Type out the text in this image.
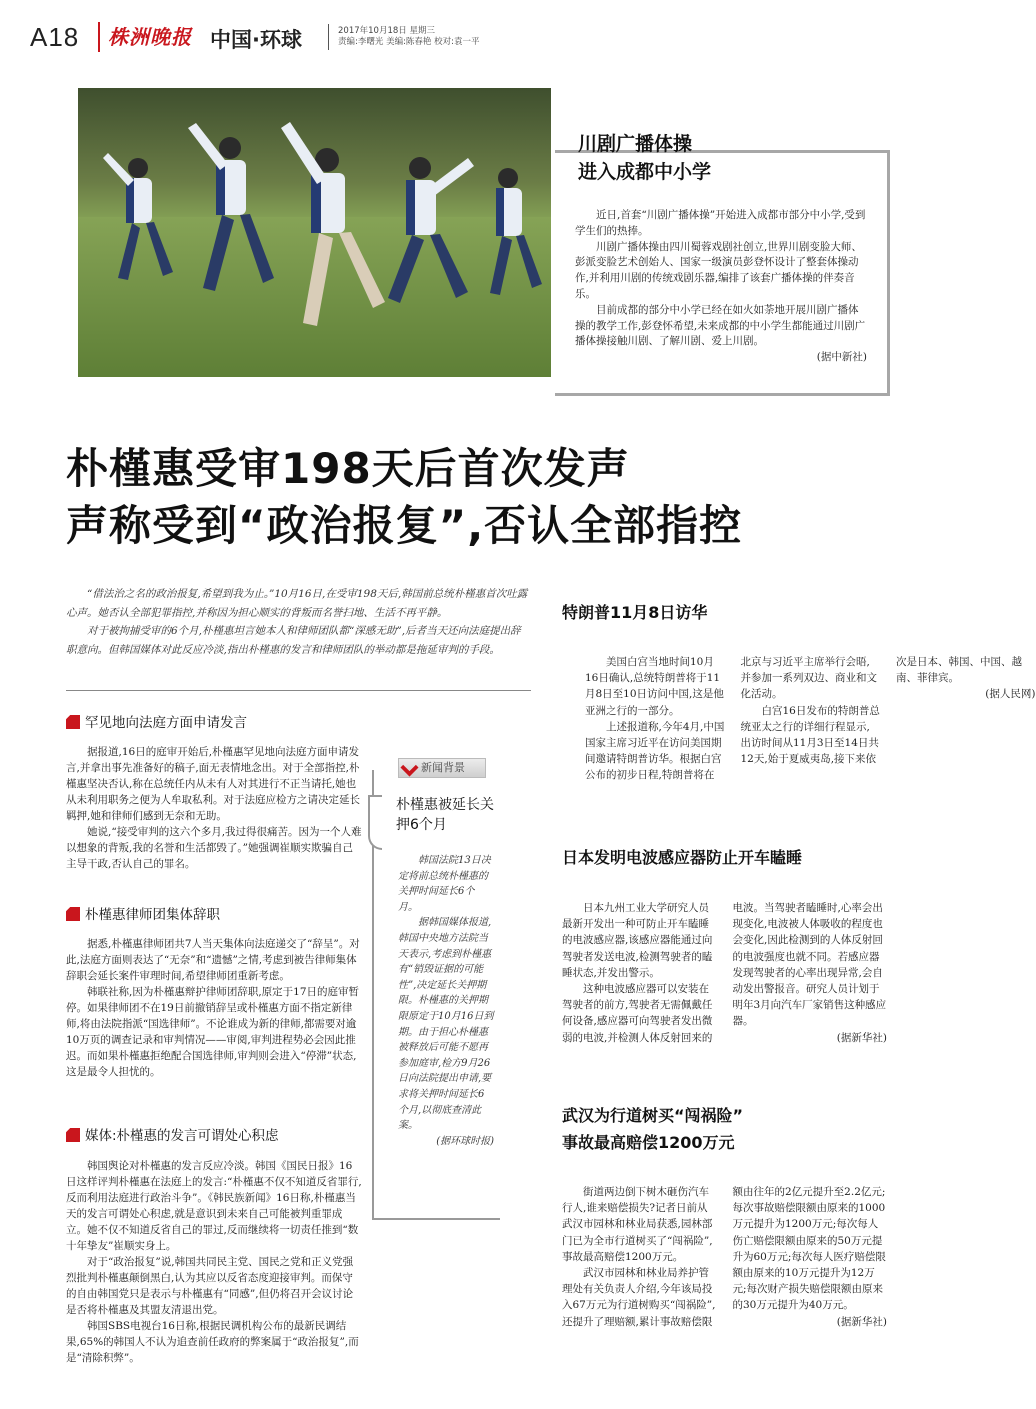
A18 株洲晚报 中国·环球	2017年10月18日 星期三
责编:李曙光 美编:陈春艳 校对:袁一平
川剧广播体操
进入成都中小学

近日,首套“川剧广播体操”开始进入成都市部分中小学,受到学生们的热捧。

川剧广播体操由四川蜀蓉戏剧社创立,世界川剧变脸大师、彭派变脸艺术创始人、国家一级演员彭登怀设计了整套体操动作,并利用川剧的传统戏剧乐器,编排了该套广播体操的伴奏音乐。

目前成都的部分中小学已经在如火如荼地开展川剧广播体操的教学工作,彭登怀希望,未来成都的中小学生都能通过川剧广播体操接触川剧、了解川剧、爱上川剧。

(据中新社)
朴槿惠受审198天后首次发声
声称受到“政治报复”,否认全部指控

“借法治之名的政治报复,希望到我为止。”10月16日,在受审198天后,韩国前总统朴槿惠首次吐露心声。她否认全部犯罪指控,并称因为担心顺实的背叛而名誉扫地、生活不再平静。

对于被拘捕受审的6个月,朴槿惠坦言她本人和律师团队都“深感无助”,后者当天还向法庭提出辞职意向。但韩国媒体对此反应冷淡,指出朴槿惠的发言和律师团队的举动都是拖延审判的手段。

罕见地向法庭方面申请发言

据报道,16日的庭审开始后,朴槿惠罕见地向法庭方面申请发言,并拿出事先准备好的稿子,面无表情地念出。对于全部指控,朴槿惠坚决否认,称在总统任内从未有人对其进行不正当请托,她也从未利用职务之便为人牟取私利。对于法庭应检方之请决定延长羁押,她和律师们感到无奈和无助。

她说,“接受审判的这六个多月,我过得很痛苦。因为一个人难以想象的背叛,我的名誉和生活都毁了。”她强调崔顺实欺骗自己主导干政,否认自己的罪名。

朴槿惠律师团集体辞职

据悉,朴槿惠律师团共7人当天集体向法庭递交了“辞呈”。对此,法庭方面则表达了“无奈”和“遗憾”之情,考虑到被告律师集体辞职会延长案件审理时间,希望律师团重新考虑。

韩联社称,因为朴槿惠辩护律师团辞职,原定于17日的庭审暂停。如果律师团不在19日前撤销辞呈或朴槿惠方面不指定新律师,将由法院指派“国选律师”。不论谁成为新的律师,都需要对逾10万页的调查记录和审判情况——审阅,审判进程势必会因此推迟。而如果朴槿惠拒绝配合国选律师,审判则会进入“停滞”状态,这是最令人担忧的。

媒体:朴槿惠的发言可谓处心积虑

韩国舆论对朴槿惠的发言反应冷淡。韩国《国民日报》16日这样评判朴槿惠在法庭上的发言:“朴槿惠不仅不知道反省罪行,反而利用法庭进行政治斗争”。《韩民族新闻》16日称,朴槿惠当天的发言可谓处心积虑,就是意识到未来自己可能被判重罪成立。她不仅不知道反省自己的罪过,反而继续将一切责任推到“数十年挚友”崔顺实身上。

对于“政治报复”说,韩国共同民主党、国民之党和正义党强烈批判朴槿惠颠倒黑白,认为其应以反省态度迎接审判。而保守的自由韩国党只是表示与朴槿惠有“同感”,但仍将召开会议讨论是否将朴槿惠及其盟友清退出党。

韩国SBS电视台16日称,根据民调机构公布的最新民调结果,65%的韩国人不认为追查前任政府的弊案属于“政治报复”,而是“清除积弊”。

新闻背景
朴槿惠被延长关押6个月

韩国法院13日决定将前总统朴槿惠的关押时间延长6个月。

据韩国媒体报道,韩国中央地方法院当天表示,考虑到朴槿惠有“销毁证据的可能性”,决定延长关押期限。朴槿惠的关押期限原定于10月16日到期。由于担心朴槿惠被释放后可能不愿再参加庭审,检方9月26日向法院提出申请,要求将关押时间延长6个月,以彻底查清此案。

(据环球时报)
特朗普11月8日访华

美国白宫当地时间10月16日确认,总统特朗普将于11月8日至10日访问中国,这是他亚洲之行的一部分。

上述报道称,今年4月,中国国家主席习近平在访问美国期间邀请特朗普访华。根据白宫公布的初步日程,特朗普将在北京与习近平主席举行会晤,并参加一系列双边、商业和文化活动。

白宫16日发布的特朗普总统亚太之行的详细行程显示,出访时间从11月3日至14日共12天,始于夏威夷岛,接下来依次是日本、韩国、中国、越南、菲律宾。

(据人民网)
日本发明电波感应器防止开车瞌睡

日本九州工业大学研究人员最新开发出一种可防止开车瞌睡的电波感应器,该感应器能通过向驾驶者发送电波,检测驾驶者的瞌睡状态,并发出警示。

这种电波感应器可以安装在驾驶者的前方,驾驶者无需佩戴任何设备,感应器可向驾驶者发出微弱的电波,并检测人体反射回来的电波。当驾驶者瞌睡时,心率会出现变化,电波被人体吸收的程度也会变化,因此检测到的人体反射回的电波强度也就不同。若感应器发现驾驶者的心率出现异常,会自动发出警报音。研究人员计划于明年3月向汽车厂家销售这种感应器。

(据新华社)
武汉为行道树买“闯祸险”
事故最高赔偿1200万元

街道两边倒下树木砸伤汽车行人,谁来赔偿损失?记者日前从武汉市园林和林业局获悉,园林部门已为全市行道树买了“闯祸险”,事故最高赔偿1200万元。

武汉市园林和林业局养护管理处有关负责人介绍,今年该局投入67万元为行道树购买“闯祸险”,还提升了理赔额,累计事故赔偿限额由往年的2亿元提升至2.2亿元;每次事故赔偿限额由原来的1000万元提升为1200万元;每次每人伤亡赔偿限额由原来的50万元提升为60万元;每次每人医疗赔偿限额由原来的10万元提升为12万元;每次财产损失赔偿限额由原来的30万元提升为40万元。

(据新华社)
